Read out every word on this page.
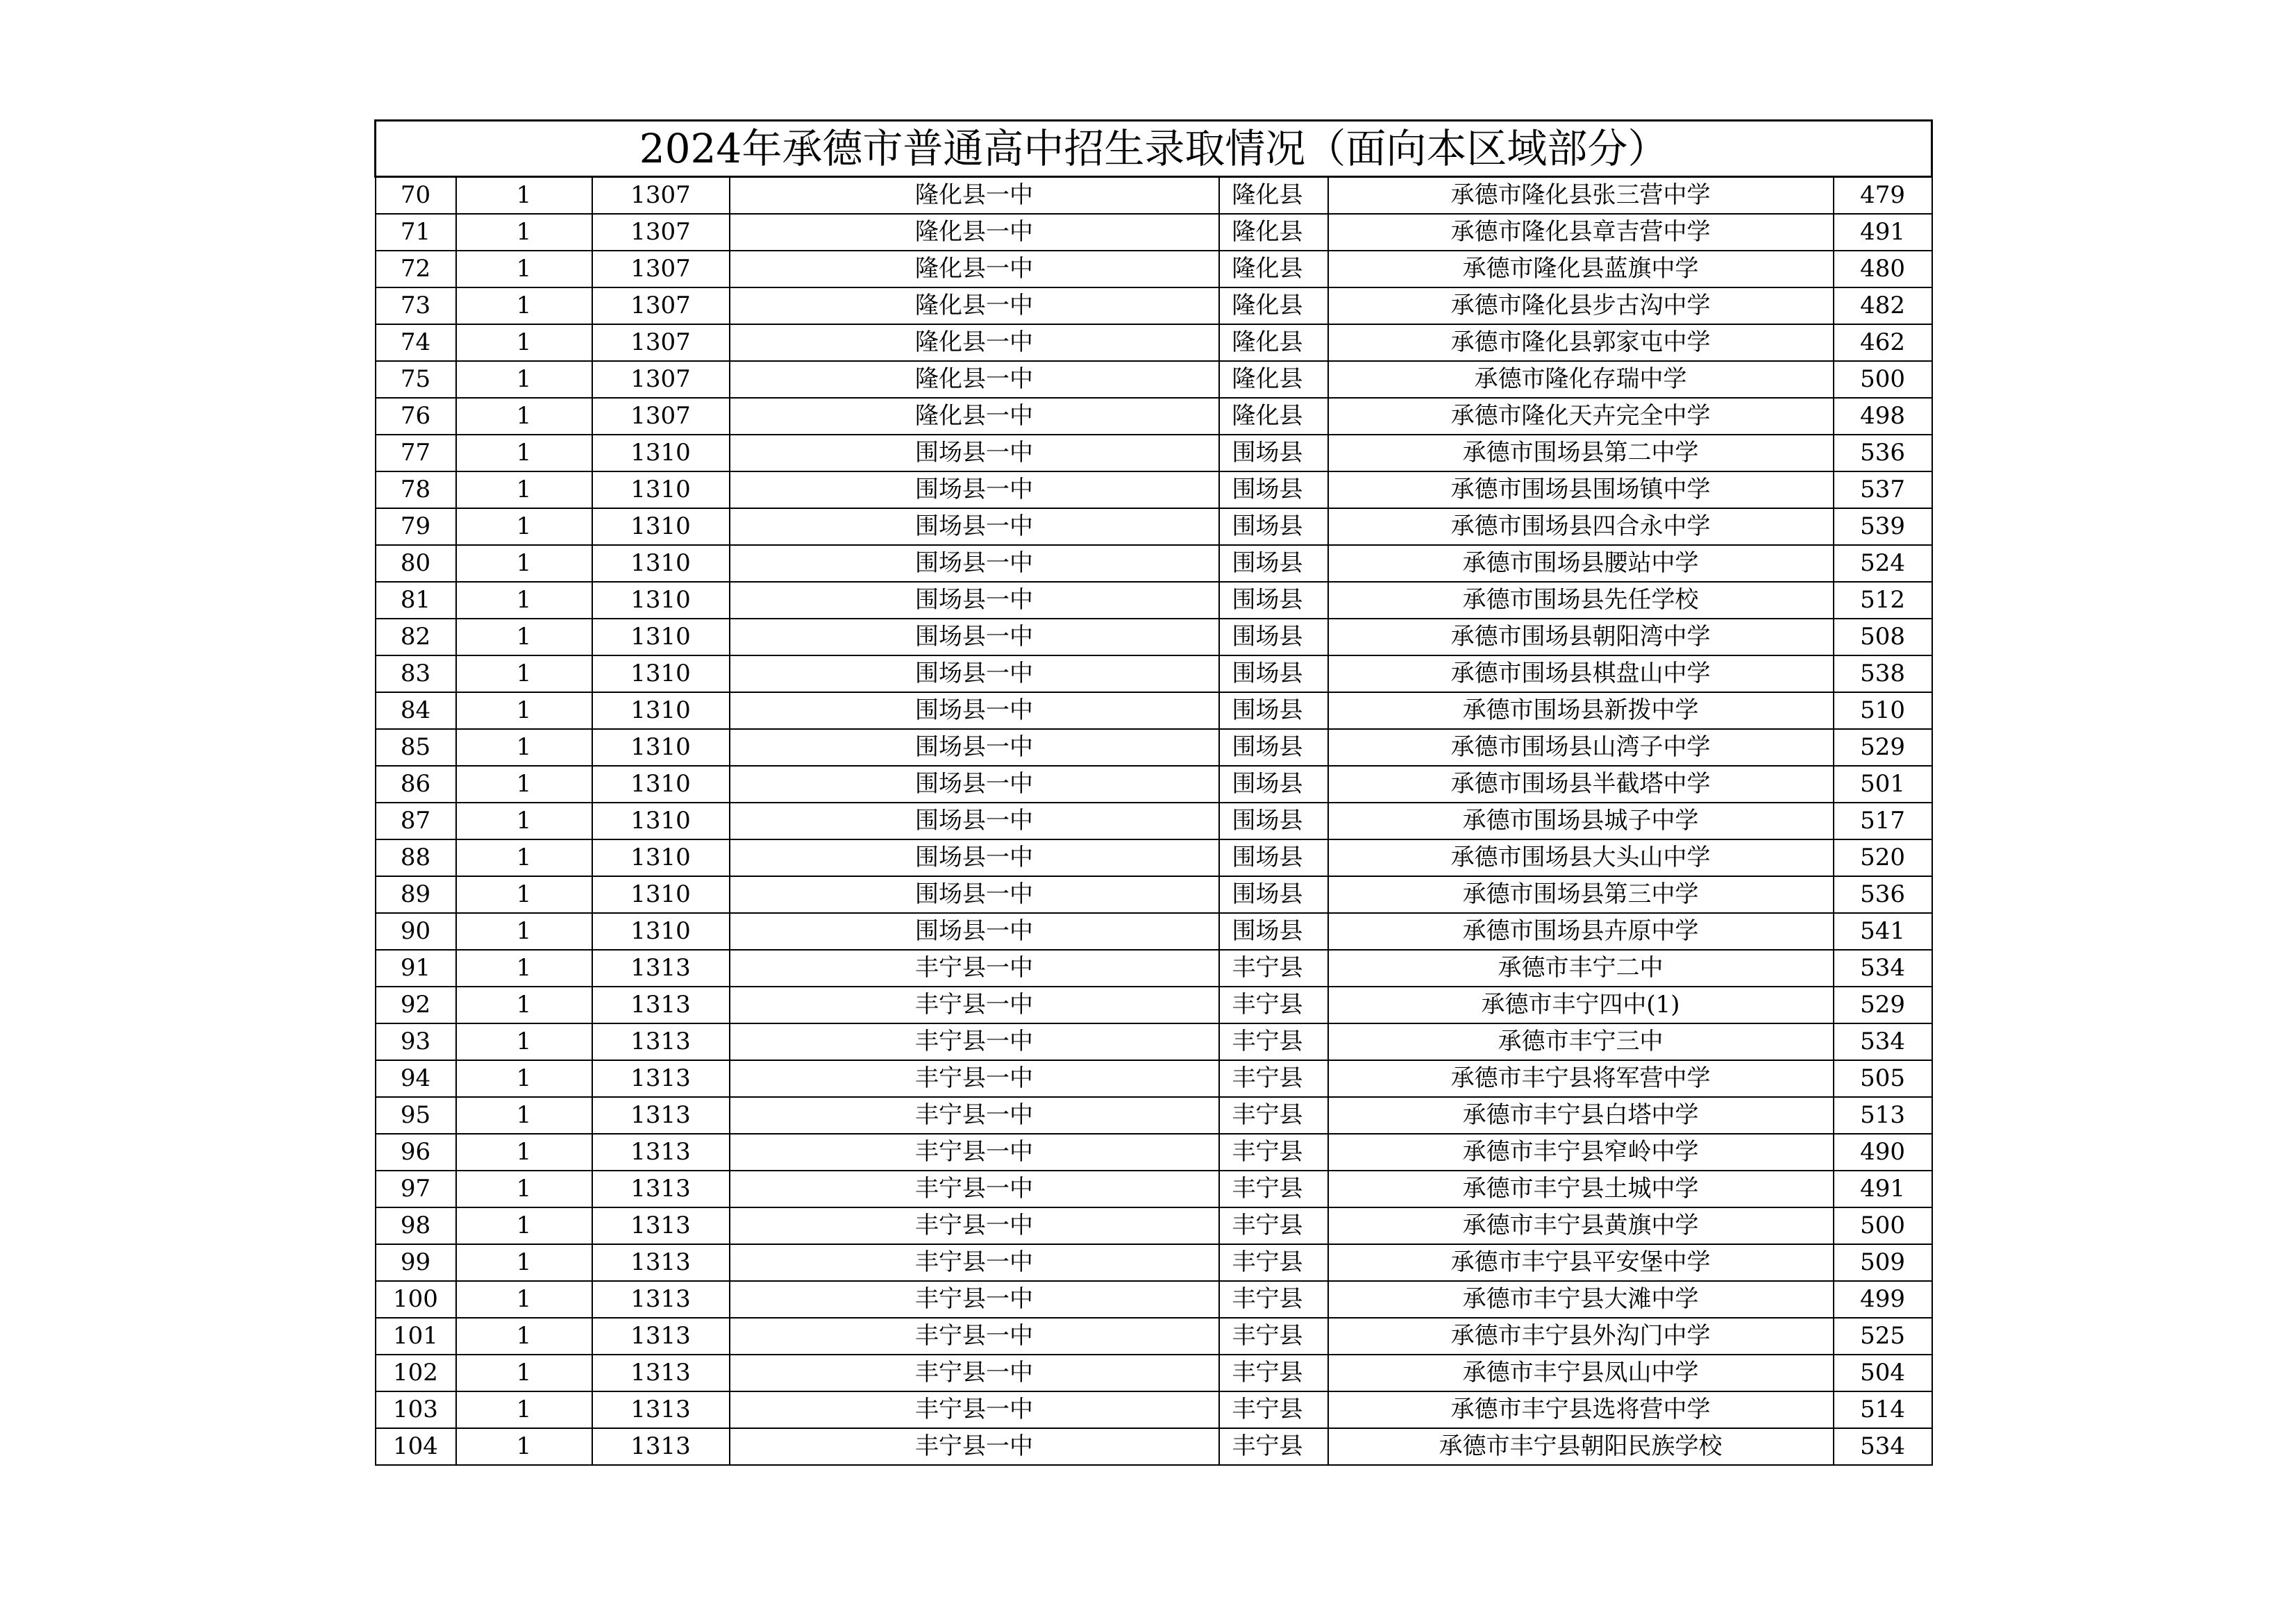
2024年承德市普通高中招生录取情况（面向本区域部分）						
70	1	1307	隆化县一中	隆化县	承德市隆化县张三营中学	479
71	1	1307	隆化县一中	隆化县	承德市隆化县章吉营中学	491
72	1	1307	隆化县一中	隆化县	承德市隆化县蓝旗中学	480
73	1	1307	隆化县一中	隆化县	承德市隆化县步古沟中学	482
74	1	1307	隆化县一中	隆化县	承德市隆化县郭家屯中学	462
75	1	1307	隆化县一中	隆化县	承德市隆化存瑞中学	500
76	1	1307	隆化县一中	隆化县	承德市隆化天卉完全中学	498
77	1	1310	围场县一中	围场县	承德市围场县第二中学	536
78	1	1310	围场县一中	围场县	承德市围场县围场镇中学	537
79	1	1310	围场县一中	围场县	承德市围场县四合永中学	539
80	1	1310	围场县一中	围场县	承德市围场县腰站中学	524
81	1	1310	围场县一中	围场县	承德市围场县先任学校	512
82	1	1310	围场县一中	围场县	承德市围场县朝阳湾中学	508
83	1	1310	围场县一中	围场县	承德市围场县棋盘山中学	538
84	1	1310	围场县一中	围场县	承德市围场县新拨中学	510
85	1	1310	围场县一中	围场县	承德市围场县山湾子中学	529
86	1	1310	围场县一中	围场县	承德市围场县半截塔中学	501
87	1	1310	围场县一中	围场县	承德市围场县城子中学	517
88	1	1310	围场县一中	围场县	承德市围场县大头山中学	520
89	1	1310	围场县一中	围场县	承德市围场县第三中学	536
90	1	1310	围场县一中	围场县	承德市围场县卉原中学	541
91	1	1313	丰宁县一中	丰宁县	承德市丰宁二中	534
92	1	1313	丰宁县一中	丰宁县	承德市丰宁四中(1)	529
93	1	1313	丰宁县一中	丰宁县	承德市丰宁三中	534
94	1	1313	丰宁县一中	丰宁县	承德市丰宁县将军营中学	505
95	1	1313	丰宁县一中	丰宁县	承德市丰宁县白塔中学	513
96	1	1313	丰宁县一中	丰宁县	承德市丰宁县窄岭中学	490
97	1	1313	丰宁县一中	丰宁县	承德市丰宁县土城中学	491
98	1	1313	丰宁县一中	丰宁县	承德市丰宁县黄旗中学	500
99	1	1313	丰宁县一中	丰宁县	承德市丰宁县平安堡中学	509
100	1	1313	丰宁县一中	丰宁县	承德市丰宁县大滩中学	499
101	1	1313	丰宁县一中	丰宁县	承德市丰宁县外沟门中学	525
102	1	1313	丰宁县一中	丰宁县	承德市丰宁县凤山中学	504
103	1	1313	丰宁县一中	丰宁县	承德市丰宁县选将营中学	514
104	1	1313	丰宁县一中	丰宁县	承德市丰宁县朝阳民族学校	534
